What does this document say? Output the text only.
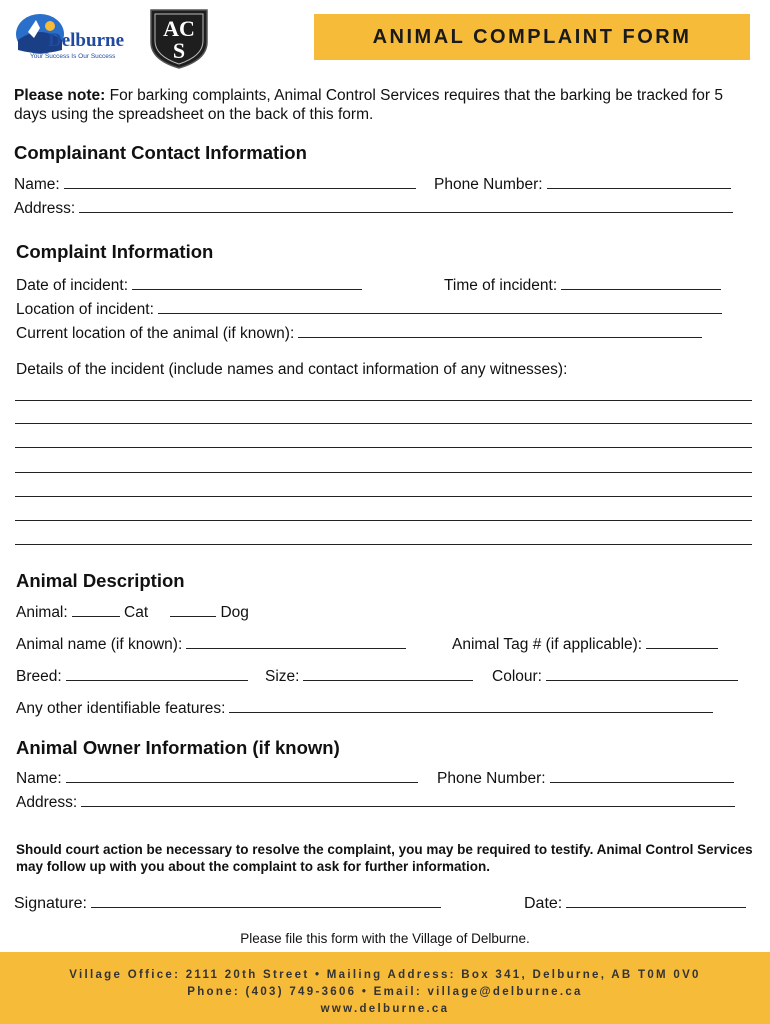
Delburne
Your Success Is Our Success
AC
S
ANIMAL COMPLAINT FORM
Please note: For barking complaints, Animal Control Services requires that the barking be tracked for 5 days using the spreadsheet on the back of this form.
Complainant Contact Information
Name:	Phone Number:
Address:
Complaint Information
Date of incident:	Time of incident:
Location of incident:
Current location of the animal (if known):
Details of the incident (include names and contact information of any witnesses):
Animal Description
Animal:	Cat	Dog
Animal name (if known):	Animal Tag # (if applicable):
Breed:	Size:	Colour:
Any other identifiable features:
Animal Owner Information (if known)
Name:	Phone Number:
Address:
Should court action be necessary to resolve the complaint, you may be required to testify. Animal Control Services may follow up with you about the complaint to ask for further information.
Signature:	Date:
Please file this form with the Village of Delburne.
Village Office: 2111 20th Street • Mailing Address: Box 341, Delburne, AB T0M 0V0
Phone: (403) 749-3606 • Email: village@delburne.ca
www.delburne.ca
